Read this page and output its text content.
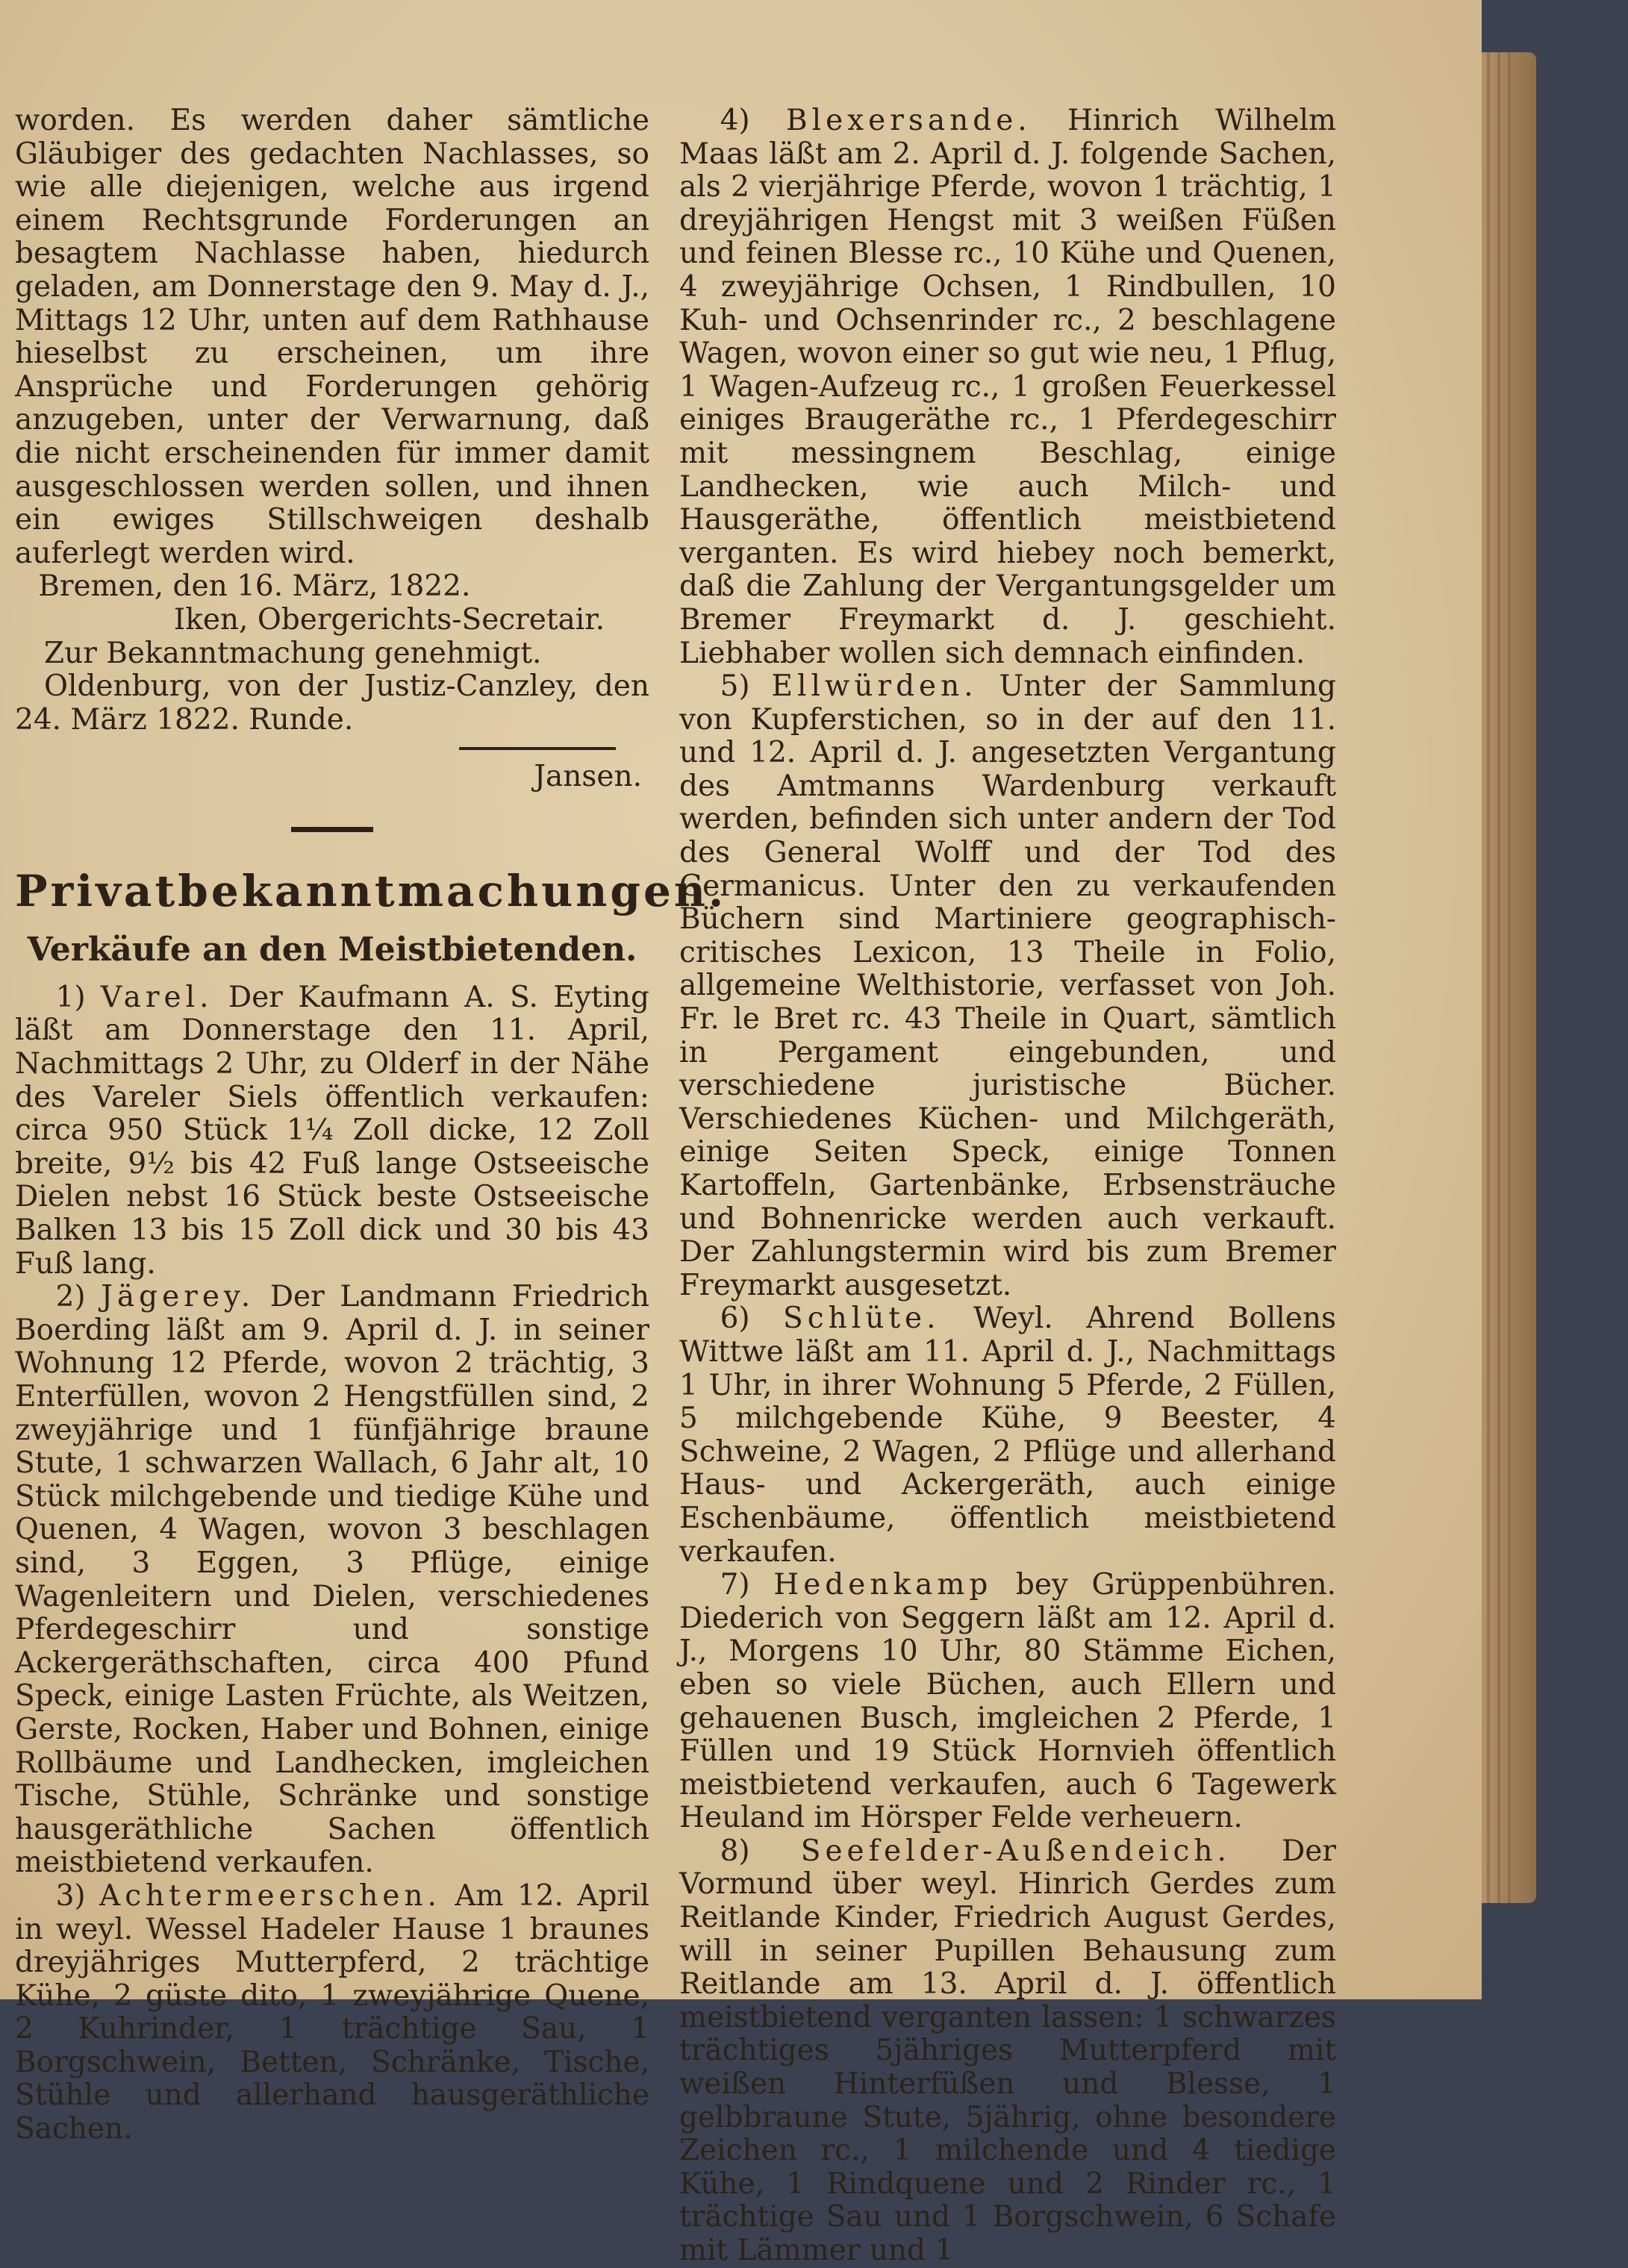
worden. Es werden daher sämtliche Gläubiger des gedachten Nachlasses, so wie alle diejenigen, welche aus irgend einem Rechtsgrunde Forderungen an besagtem Nachlasse haben, hiedurch geladen, am Donnerstage den 9. May d. J., Mittags 12 Uhr, unten auf dem Rathhause hieselbst zu erscheinen, um ihre Ansprüche und Forderungen gehörig anzugeben, unter der Verwarnung, daß die nicht erscheinenden für immer damit ausgeschlossen werden sollen, und ihnen ein ewiges Stillschweigen deshalb auferlegt werden wird.

Bremen, den 16. März, 1822.

Iken, Obergerichts-Secretair.

Zur Bekanntmachung genehmigt.

Oldenburg, von der Justiz-Canzley, den 24. März 1822. Runde.

Jansen.

Privatbekanntmachungen.
Verkäufe an den Meistbietenden.

1) Varel. Der Kaufmann A. S. Eyting läßt am Donnerstage den 11. April, Nachmittags 2 Uhr, zu Olderf in der Nähe des Vareler Siels öffentlich verkaufen: circa 950 Stück 1¼ Zoll dicke, 12 Zoll breite, 9½ bis 42 Fuß lange Ostseeische Dielen nebst 16 Stück beste Ostseeische Balken 13 bis 15 Zoll dick und 30 bis 43 Fuß lang.

2) Jägerey. Der Landmann Friedrich Boerding läßt am 9. April d. J. in seiner Wohnung 12 Pferde, wovon 2 trächtig, 3 Enterfüllen, wovon 2 Hengstfüllen sind, 2 zweyjährige und 1 fünfjährige braune Stute, 1 schwarzen Wallach, 6 Jahr alt, 10 Stück milchgebende und tiedige Kühe und Quenen, 4 Wagen, wovon 3 beschlagen sind, 3 Eggen, 3 Pflüge, einige Wagenleitern und Dielen, verschiedenes Pferdegeschirr und sonstige Ackergeräthschaften, circa 400 Pfund Speck, einige Lasten Früchte, als Weitzen, Gerste, Rocken, Haber und Bohnen, einige Rollbäume und Landhecken, imgleichen Tische, Stühle, Schränke und sonstige hausgeräthliche Sachen öffentlich meistbietend verkaufen.

3) Achtermeerschen. Am 12. April in weyl. Wessel Hadeler Hause 1 braunes dreyjähriges Mutterpferd, 2 trächtige Kühe, 2 güste dito, 1 zweyjährige Quene, 2 Kuhrinder, 1 trächtige Sau, 1 Borgschwein, Betten, Schränke, Tische, Stühle und allerhand hausgeräthliche Sachen.

4) Blexersande. Hinrich Wilhelm Maas läßt am 2. April d. J. folgende Sachen, als 2 vierjährige Pferde, wovon 1 trächtig, 1 dreyjährigen Hengst mit 3 weißen Füßen und feinen Blesse rc., 10 Kühe und Quenen, 4 zweyjährige Ochsen, 1 Rindbullen, 10 Kuh- und Ochsenrinder rc., 2 beschlagene Wagen, wovon einer so gut wie neu, 1 Pflug, 1 Wagen-Aufzeug rc., 1 großen Feuerkessel einiges Braugeräthe rc., 1 Pferdegeschirr mit messingnem Beschlag, einige Landhecken, wie auch Milch- und Hausgeräthe, öffentlich meistbietend verganten. Es wird hiebey noch bemerkt, daß die Zahlung der Vergantungsgelder um Bremer Freymarkt d. J. geschieht. Liebhaber wollen sich demnach einfinden.

5) Ellwürden. Unter der Sammlung von Kupferstichen, so in der auf den 11. und 12. April d. J. angesetzten Vergantung des Amtmanns Wardenburg verkauft werden, befinden sich unter andern der Tod des General Wolff und der Tod des Germanicus. Unter den zu verkaufenden Büchern sind Martiniere geographisch-critisches Lexicon, 13 Theile in Folio, allgemeine Welthistorie, verfasset von Joh. Fr. le Bret rc. 43 Theile in Quart, sämtlich in Pergament eingebunden, und verschiedene juristische Bücher. Verschiedenes Küchen- und Milchgeräth, einige Seiten Speck, einige Tonnen Kartoffeln, Gartenbänke, Erbsensträuche und Bohnenricke werden auch verkauft. Der Zahlungstermin wird bis zum Bremer Freymarkt ausgesetzt.

6) Schlüte. Weyl. Ahrend Bollens Wittwe läßt am 11. April d. J., Nachmittags 1 Uhr, in ihrer Wohnung 5 Pferde, 2 Füllen, 5 milchgebende Kühe, 9 Beester, 4 Schweine, 2 Wagen, 2 Pflüge und allerhand Haus- und Ackergeräth, auch einige Eschenbäume, öffentlich meistbietend verkaufen.

7) Hedenkamp bey Grüppenbühren. Diederich von Seggern läßt am 12. April d. J., Morgens 10 Uhr, 80 Stämme Eichen, eben so viele Büchen, auch Ellern und gehauenen Busch, imgleichen 2 Pferde, 1 Füllen und 19 Stück Hornvieh öffentlich meistbietend verkaufen, auch 6 Tagewerk Heuland im Hörsper Felde verheuern.

8) Seefelder-Außendeich. Der Vormund über weyl. Hinrich Gerdes zum Reitlande Kinder, Friedrich August Gerdes, will in seiner Pupillen Behausung zum Reitlande am 13. April d. J. öffentlich meistbietend verganten lassen: 1 schwarzes trächtiges 5jähriges Mutterpferd mit weißen Hinterfüßen und Blesse, 1 gelbbraune Stute, 5jährig, ohne besondere Zeichen rc., 1 milchende und 4 tiedige Kühe, 1 Rindquene und 2 Rinder rc., 1 trächtige Sau und 1 Borgschwein, 6 Schafe mit Lämmer und 1
